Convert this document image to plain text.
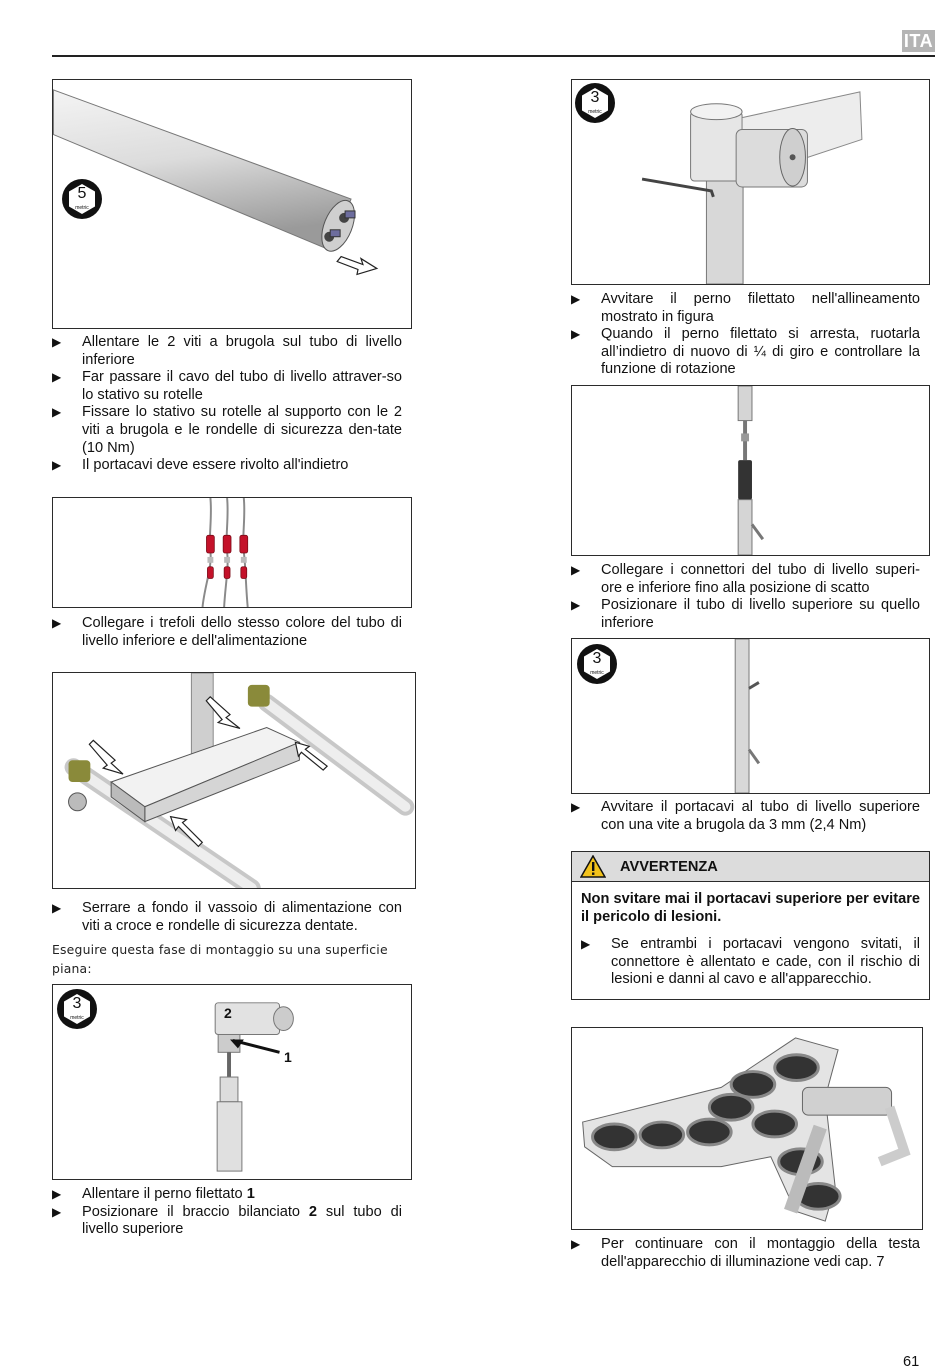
ITA
5
metric
▶ Allentare le 2 viti a brugola sul tubo di livello inferiore
▶ Far passare il cavo del tubo di livello attraver-so lo stativo su rotelle
▶ Fissare lo stativo su rotelle al supporto con le 2 viti a brugola e le rondelle di sicurezza den-tate (10 Nm)
▶ Il portacavi deve essere rivolto all'indietro
▶ Collegare i trefoli dello stesso colore del tubo di livello inferiore e dell'alimentazione
▶ Serrare a fondo il vassoio di alimentazione con viti a croce e rondelle di sicurezza dentate.
Eseguire questa fase di montaggio su una superficie piana:
3
metric	2
1
▶ Allentare il perno filettato 1
▶ Posizionare il braccio bilanciato 2 sul tubo di livello superiore
3
metric
▶ Avvitare il perno filettato nell'allineamento mostrato in figura
▶ Quando il perno filettato si arresta, ruotarla all’indietro di nuovo di ¼ di giro e controllare la funzione di rotazione
▶ Collegare i connettori del tubo di livello superi-ore e inferiore fino alla posizione di scatto
▶ Posizionare il tubo di livello superiore su quello inferiore
3
metric
▶ Avvitare il portacavi al tubo di livello superiore con una vite a brugola da 3 mm (2,4 Nm)
AVVERTENZA
Non svitare mai il portacavi superiore per evitare il pericolo di lesioni.
▶ Se entrambi i portacavi vengono svitati, il connettore è allentato e cade, con il rischio di lesioni e danni al cavo e all'apparecchio.
▶ Per continuare con il montaggio della testa dell'apparecchio di illuminazione vedi cap. 7
61
